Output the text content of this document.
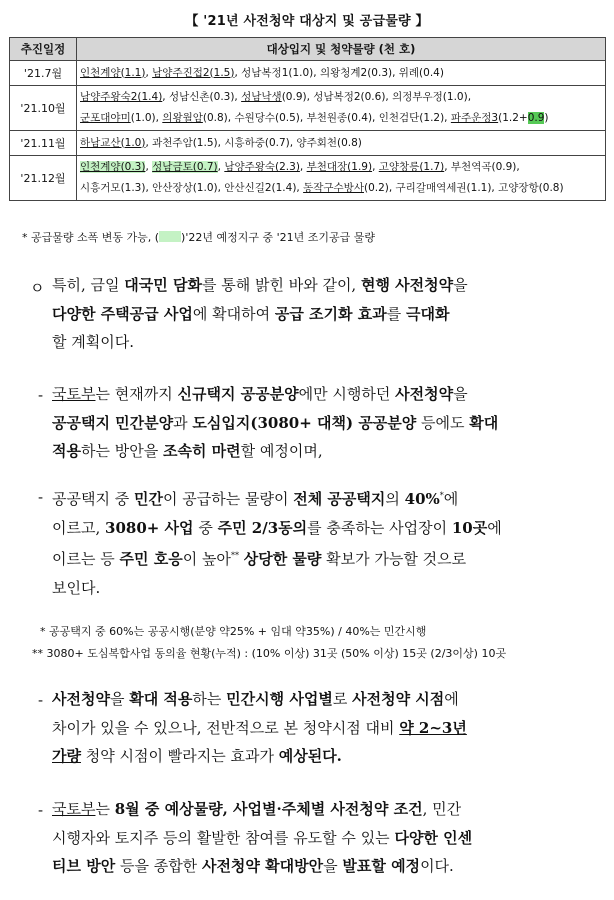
【 '21년 사전청약 대상지 및 공급물량 】
추진일정	대상입지 및 청약물량 (천 호)
'21.7월	인천계양(1.1), 남양주진접2(1.5), 성남복정1(1.0), 의왕청계2(0.3), 위례(0.4)

'21.10월	남양주왕숙2(1.4), 성남신촌(0.3), 성남낙생(0.9), 성남복정2(0.6), 의정부우정(1.0),
군포대야미(1.0), 의왕월암(0.8), 수원당수(0.5), 부천원종(0.4), 인천검단(1.2), 파주운정3(1.2+0.9)

'21.11월	하남교산(1.0), 과천주암(1.5), 시흥하중(0.7), 양주회천(0.8)

'21.12월	인천계양(0.3), 성남금토(0.7), 남양주왕숙(2.3), 부천대장(1.9), 고양창릉(1.7), 부천역곡(0.9),
시흥거모(1.3), 안산장상(1.0), 안산신길2(1.4), 동작구수방사(0.2), 구리갈매역세권(1.1), 고양장항(0.8)
* 공급물량 소폭 변동 가능, ( )'22년 예정지구 중 '21년 조기공급 물량
ㅇ 특히, 금일 대국민 담화를 통해 밝힌 바와 같이, 현행 사전청약을
다양한 주택공급 사업에 확대하여 공급 조기화 효과를 극대화
할 계획이다.
- 국토부는 현재까지 신규택지 공공분양에만 시행하던 사전청약을
공공택지 민간분양과 도심입지(3080+ 대책) 공공분양 등에도 확대
적용하는 방안을 조속히 마련할 예정이며,
- 공공택지 중 민간이 공급하는 물량이 전체 공공택지의 40%*에
이르고, 3080+ 사업 중 주민 2/3동의를 충족하는 사업장이 10곳에
이르는 등 주민 호응이 높아** 상당한 물량 확보가 가능할 것으로
보인다.
* 공공택지 중 60%는 공공시행(분양 약25% + 임대 약35%) / 40%는 민간시행
** 3080+ 도심복합사업 동의율 현황(누적) : (10% 이상) 31곳 (50% 이상) 15곳 (2/3이상) 10곳
- 사전청약을 확대 적용하는 민간시행 사업별로 사전청약 시점에
차이가 있을 수 있으나, 전반적으로 본 청약시점 대비 약 2~3년
가량 청약 시점이 빨라지는 효과가 예상된다.
- 국토부는 8월 중 예상물량, 사업별·주체별 사전청약 조건, 민간
시행자와 토지주 등의 활발한 참여를 유도할 수 있는 다양한 인센
티브 방안 등을 종합한 사전청약 확대방안을 발표할 예정이다.
